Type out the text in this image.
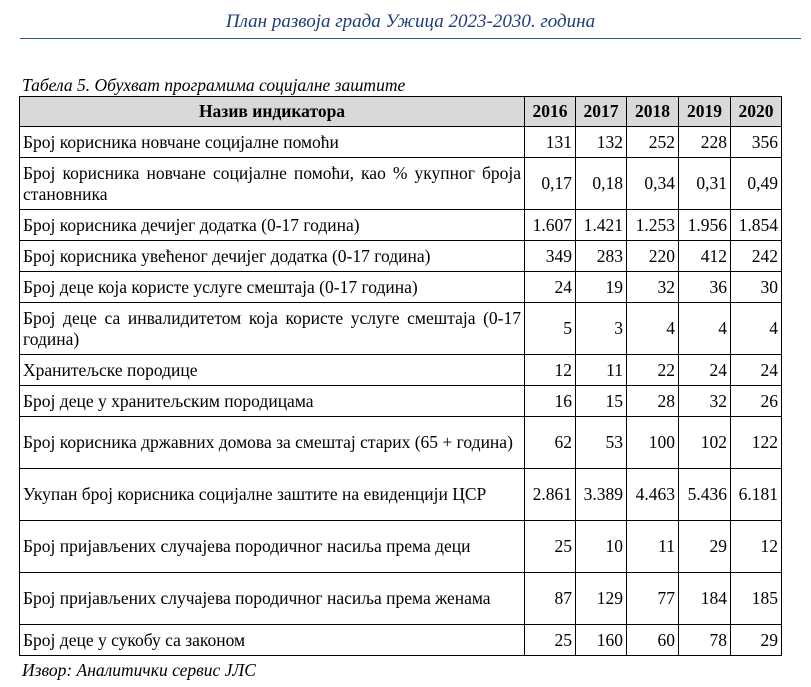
План развоја града Ужица 2023-2030. година
Табела 5. Обухват програмима социјалне заштите
Назив индикатора	2016	2017	2018	2019	2020
Број корисника новчане социјалне помоћи	131	132	252	228	356
Број корисника новчане социјалне помоћи, као % укупног броја становника	0,17	0,18	0,34	0,31	0,49
Број корисника дечијег додатка (0-17 година)	1.607	1.421	1.253	1.956	1.854
Број корисника увећеног дечијег додатка (0-17 година)	349	283	220	412	242
Број деце која користе услуге смештаја (0-17 година)	24	19	32	36	30
Број деце са инвалидитетом која користе услуге смештаја (0-17 година)	5	3	4	4	4
Хранитељске породице	12	11	22	24	24
Број деце у хранитељским породицама	16	15	28	32	26
Број корисника државних домова за смештај старих (65 + година)	62	53	100	102	122
Укупан број корисника социјалне заштите на евиденцији ЦСР	2.861	3.389	4.463	5.436	6.181
Број пријављених случајева породичног насиља према деци	25	10	11	29	12
Број пријављених случајева породичног насиља према женама	87	129	77	184	185
Број деце у сукобу са законом	25	160	60	78	29
Извор: Аналитички сервис ЈЛС
